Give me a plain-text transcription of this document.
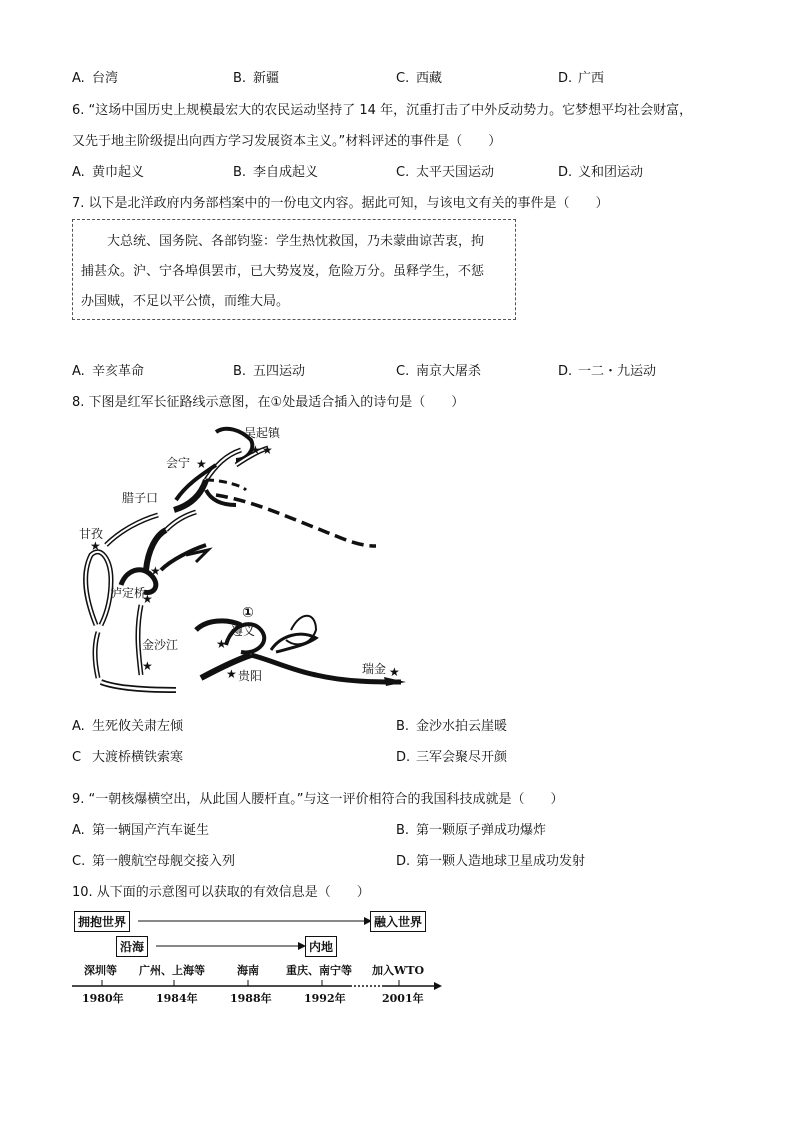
A. 台湾	B. 新疆	C. 西藏	D. 广西
6. “这场中国历史上规模最宏大的农民运动坚持了 14 年，沉重打击了中外反动势力。它梦想平均社会财富，
又先于地主阶级提出向西方学习发展资本主义。”材料评述的事件是（　　）
A. 黄巾起义	B. 李自成起义	C. 太平天国运动	D. 义和团运动
7. 以下是北洋政府内务部档案中的一份电文内容。据此可知，与该电文有关的事件是（　　）
　　大总统、国务院、各部钧鉴：学生热忱救国，乃未蒙曲谅苦衷，拘
捕甚众。沪、宁各埠俱罢市，已大势岌岌，危险万分。虽释学生，不惩
办国贼，不足以平公愤，而维大局。
A. 辛亥革命	B. 五四运动	C. 南京大屠杀	D. 一二・九运动
8. 下图是红军长征路线示意图，在①处最适合插入的诗句是（　　）
★
★ ★
★
★
★
★
★
★	★
吴起镇
会宁
腊子口
甘孜
泸定桥
金沙江
遵义
贵阳	瑞金
①
A. 生死攸关肃左倾	B. 金沙水拍云崖暖
C 大渡桥横铁索寒	D. 三军会聚尽开颜
9. “一朝核爆横空出，从此国人腰杆直。”与这一评价相符合的我国科技成就是（　　）
A. 第一辆国产汽车诞生	B. 第一颗原子弹成功爆炸
C. 第一艘航空母舰交接入列	D. 第一颗人造地球卫星成功发射
10. 从下面的示意图可以获取的有效信息是（　　）
深圳等 广州、上海等	海南 重庆、南宁等 加入WTO
1980年	1984年	1988年	1992年	2001年
拥抱世界	融入世界
沿海	内地
